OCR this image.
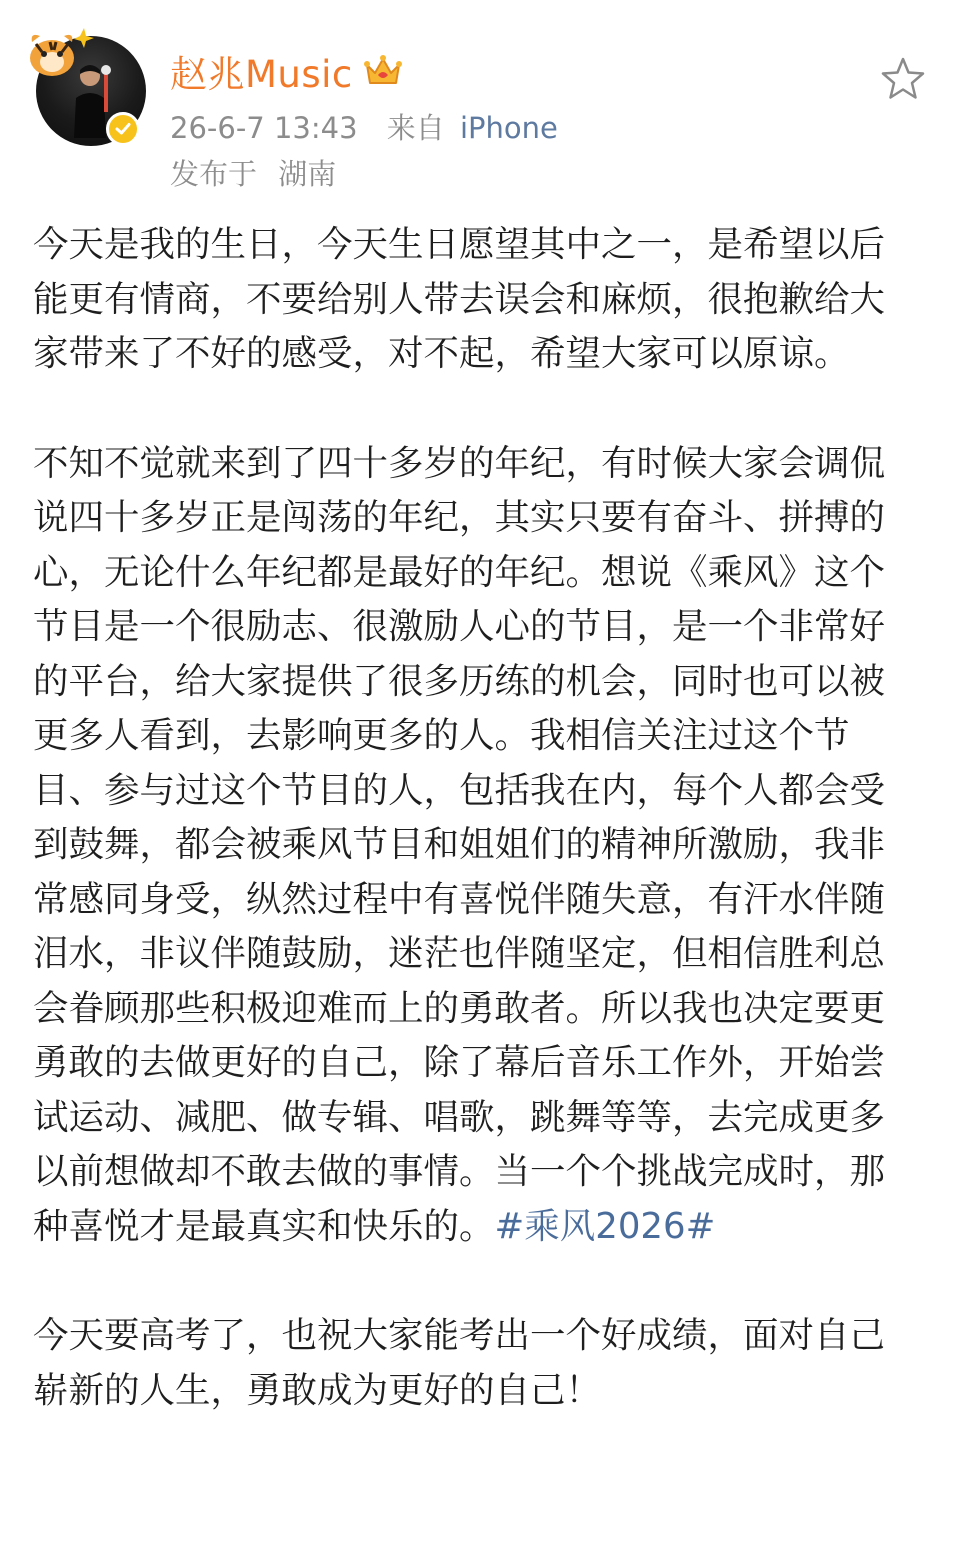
赵兆Music
26-6-7 13:43 来自 iPhone
发布于 湖南

今天是我的生日，今天生日愿望其中之一，是希望以后能更有情商，不要给别人带去误会和麻烦，很抱歉给大家带来了不好的感受，对不起，希望大家可以原谅。

不知不觉就来到了四十多岁的年纪，有时候大家会调侃说四十多岁正是闯荡的年纪，其实只要有奋斗、拼搏的心，无论什么年纪都是最好的年纪。想说《乘风》这个节目是一个很励志、很激励人心的节目，是一个非常好的平台，给大家提供了很多历练的机会，同时也可以被更多人看到，去影响更多的人。我相信关注过这个节目、参与过这个节目的人，包括我在内，每个人都会受到鼓舞，都会被乘风节目和姐姐们的精神所激励，我非常感同身受，纵然过程中有喜悦伴随失意，有汗水伴随泪水，非议伴随鼓励，迷茫也伴随坚定，但相信胜利总会眷顾那些积极迎难而上的勇敢者。所以我也决定要更勇敢的去做更好的自己，除了幕后音乐工作外，开始尝试运动、减肥、做专辑、唱歌，跳舞等等，去完成更多以前想做却不敢去做的事情。当一个个挑战完成时，那种喜悦才是最真实和快乐的。#乘风2026#

今天要高考了，也祝大家能考出一个好成绩，面对自己崭新的人生，勇敢成为更好的自己！
